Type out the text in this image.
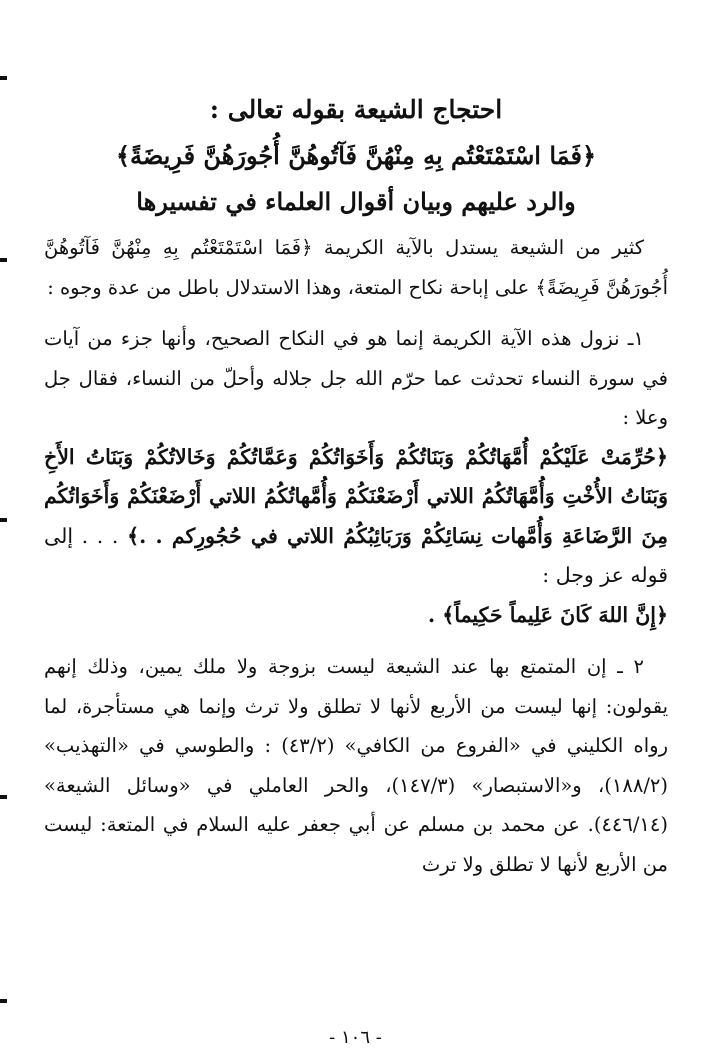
احتجاج الشيعة بقوله تعالى :
﴿فَمَا اسْتَمْتَعْتُم بِهِ مِنْهُنَّ فَآتُوهُنَّ أُجُورَهُنَّ فَرِيضَةً﴾
والرد عليهم وبيان أقوال العلماء في تفسيرها

كثير من الشيعة يستدل بالآية الكريمة ﴿فَمَا اسْتَمْتَعْتُم بِهِ مِنْهُنَّ فَآتُوهُنَّ أُجُورَهُنَّ فَرِيضَةً﴾ على إباحة نكاح المتعة، وهذا الاستدلال باطل من عدة وجوه :

١ـ نزول هذه الآية الكريمة إنما هو في النكاح الصحيح، وأنها جزء من آيات في سورة النساء تحدثت عما حرّم الله جل جلاله وأحلّ من النساء، فقال جل وعلا :

﴿حُرِّمَتْ عَلَيْكُمْ أُمَّهَاتُكُمْ وَبَنَاتُكُمْ وَأَخَوَاتُكُمْ وَعَمَّاتُكُمْ وَخَالاتُكُمْ وَبَنَاتُ الأَخِ وَبَنَاتُ الأُخْتِ وَأُمَّهَاتُكُمُ اللاتي أَرْضَعْنَكُمْ وَأُمَّهاتُكُمُ اللاتي أَرْضَعْنَكُمْ وَأَخَوَاتُكُم مِنَ الرَّضَاعَةِ وَأُمَّهات نِسَائِكُمْ وَرَبَائِبُكُمُ اللاتي في حُجُورِكم . .﴾ . . . إلى قوله عز وجل :
﴿إِنَّ اللهَ كَانَ عَلِيماً حَكِيماً﴾ .

٢ ـ إن المتمتع بها عند الشيعة ليست بزوجة ولا ملك يمين، وذلك إنهم يقولون: إنها ليست من الأربع لأنها لا تطلق ولا ترث وإنما هي مستأجرة، لما رواه الكليني في «الفروع من الكافي» (٤٣/٢) : والطوسي في «التهذيب» (١٨٨/٢)، و«الاستبصار» (١٤٧/٣)، والحر العاملي في «وسائل الشيعة» (٤٤٦/١٤). عن محمد بن مسلم عن أبي جعفر عليه السلام في المتعة: ليست من الأربع لأنها لا تطلق ولا ترث

- ١٠٦ -
